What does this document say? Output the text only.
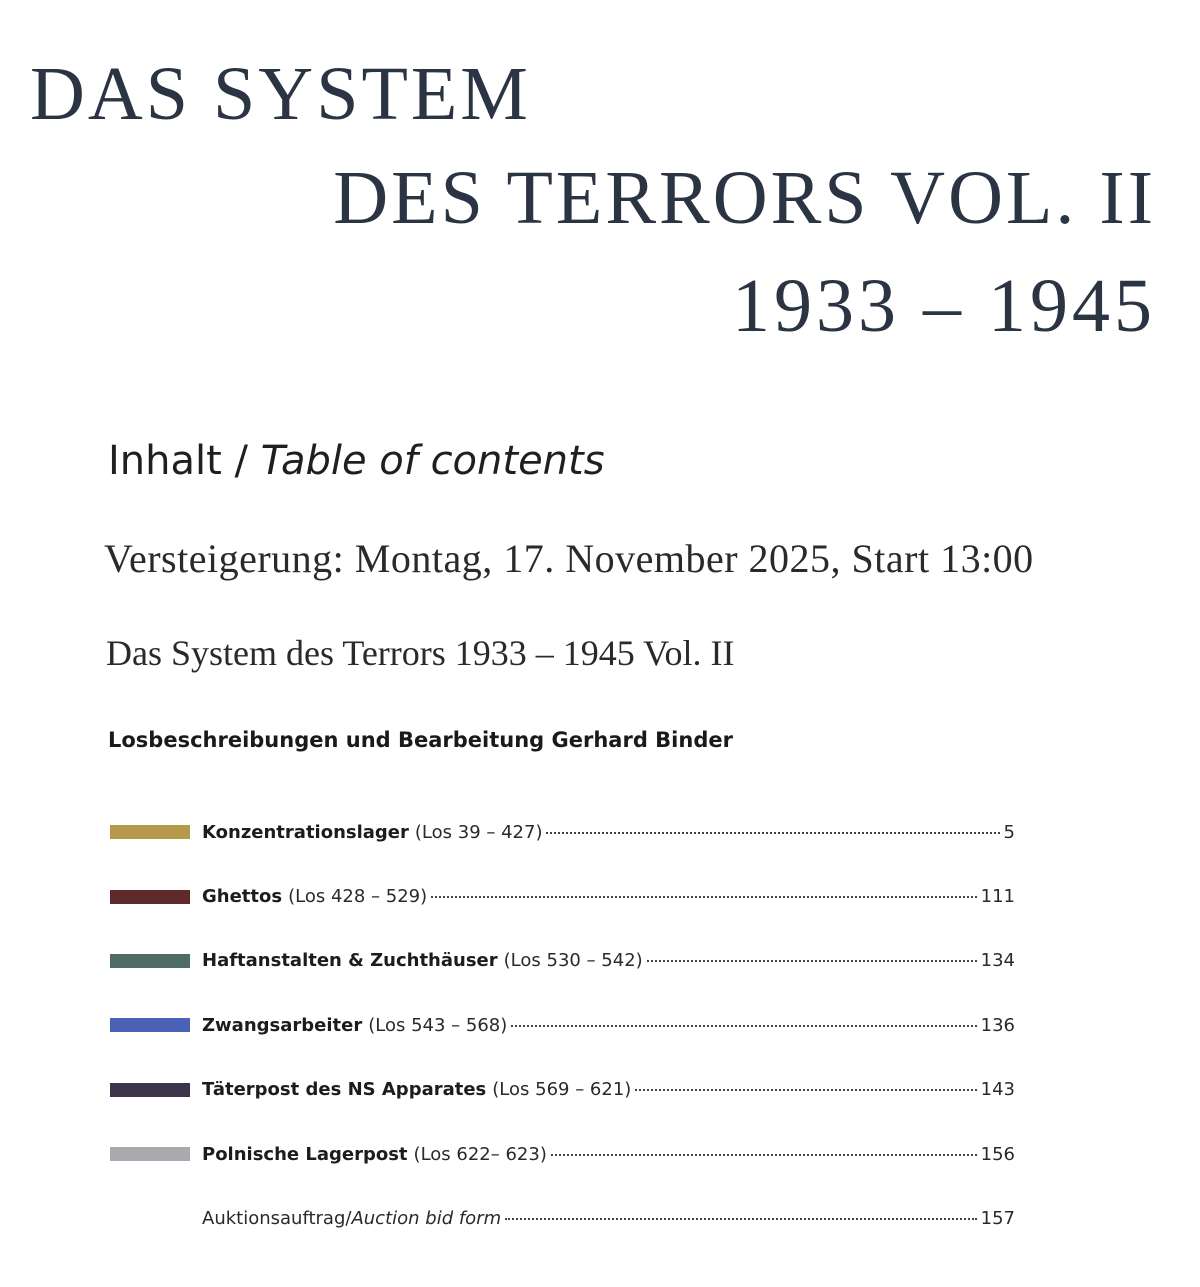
DAS SYSTEM
DES TERRORS VOL. II
1933 – 1945
Inhalt / Table of contents
Versteigerung: Montag, 17. November 2025, Start 13:00
Das System des Terrors 1933 – 1945 Vol. II
Losbeschreibungen und Bearbeitung Gerhard Binder
Konzentrationslager (Los 39 – 427)	5
Ghettos (Los 428 – 529)	111
Haftanstalten & Zuchthäuser (Los 530 – 542)	134
Zwangsarbeiter (Los 543 – 568)	136
Täterpost des NS Apparates (Los 569 – 621)	143
Polnische Lagerpost (Los 622– 623)	156
Auktionsauftrag/ Auction bid form	157
